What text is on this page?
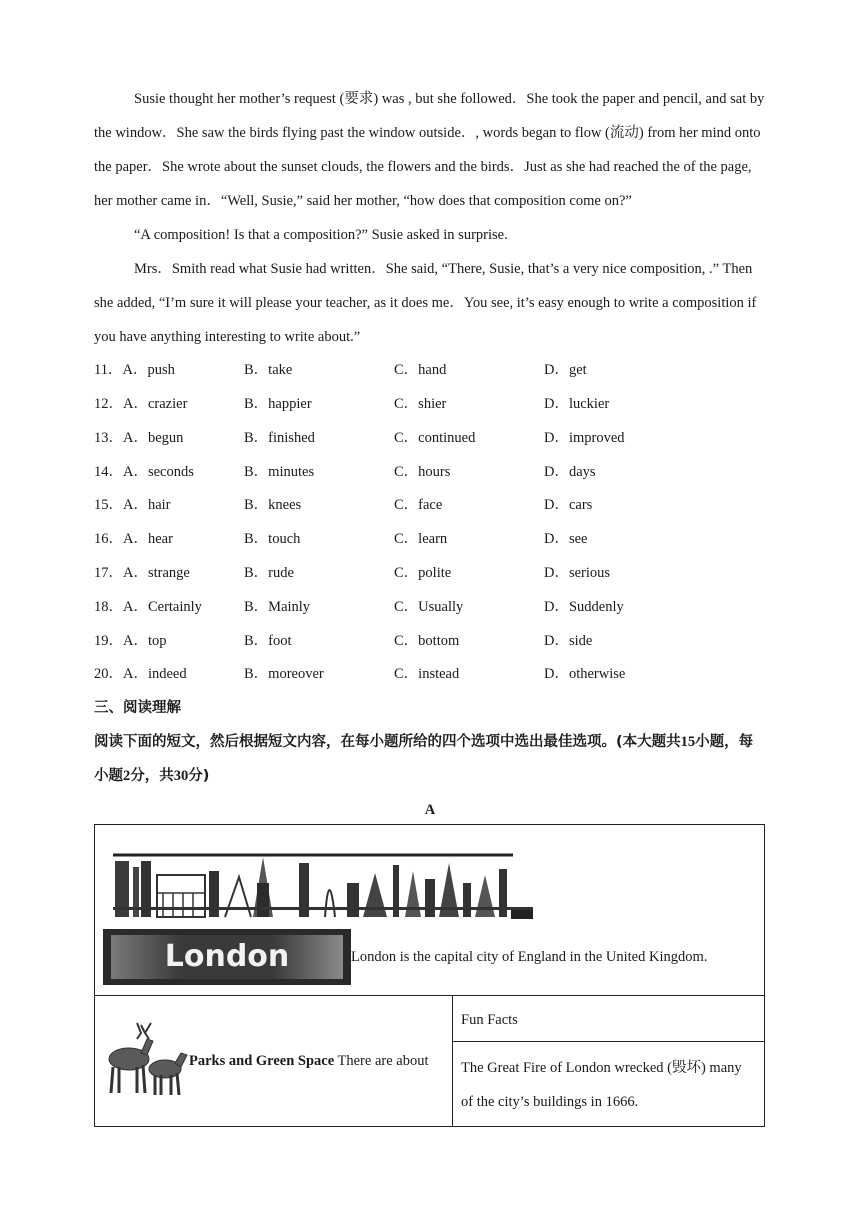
Susie thought her mother’s request (要求) was , but she followed．She took the paper and pencil, and sat by the window．She saw the birds flying past the window outside．, words began to flow (流动) from her mind onto the paper．She wrote about the sunset clouds, the flowers and the birds．Just as she had reached the of the page, her mother came in．“Well, Susie,” said her mother, “how does that composition come on?”

“A composition! Is that a composition?” Susie asked in surprise.

Mrs．Smith read what Susie had written．She said, “There, Susie, that’s a very nice composition, .” Then she added, “I’m sure it will please your teacher, as it does me．You see, it’s easy enough to write a composition if you have anything interesting to write about.”

11．A．push	B．take	C．hand	D．get
12．A．crazier	B．happier	C．shier	D．luckier
13．A．begun	B．finished	C．continued	D．improved
14．A．seconds	B．minutes	C．hours	D．days
15．A．hair	B．knees	C．face	D．cars
16．A．hear	B．touch	C．learn	D．see
17．A．strange	B．rude	C．polite	D．serious
18．A．Certainly	B．Mainly	C．Usually	D．Suddenly
19．A．top	B．foot	C．bottom	D．side
20．A．indeed	B．moreover	C．instead	D．otherwise
三、阅读理解
阅读下面的短文，然后根据短文内容，在每小题所给的四个选项中选出最佳选项。(本大题共15小题，每小题2分，共30分)
A
London	London is the capital city of England in the United Kingdom.
Parks and Green Space There are about
Fun Facts
The Great Fire of London wrecked (毁坏) many
of the city’s buildings in 1666.
